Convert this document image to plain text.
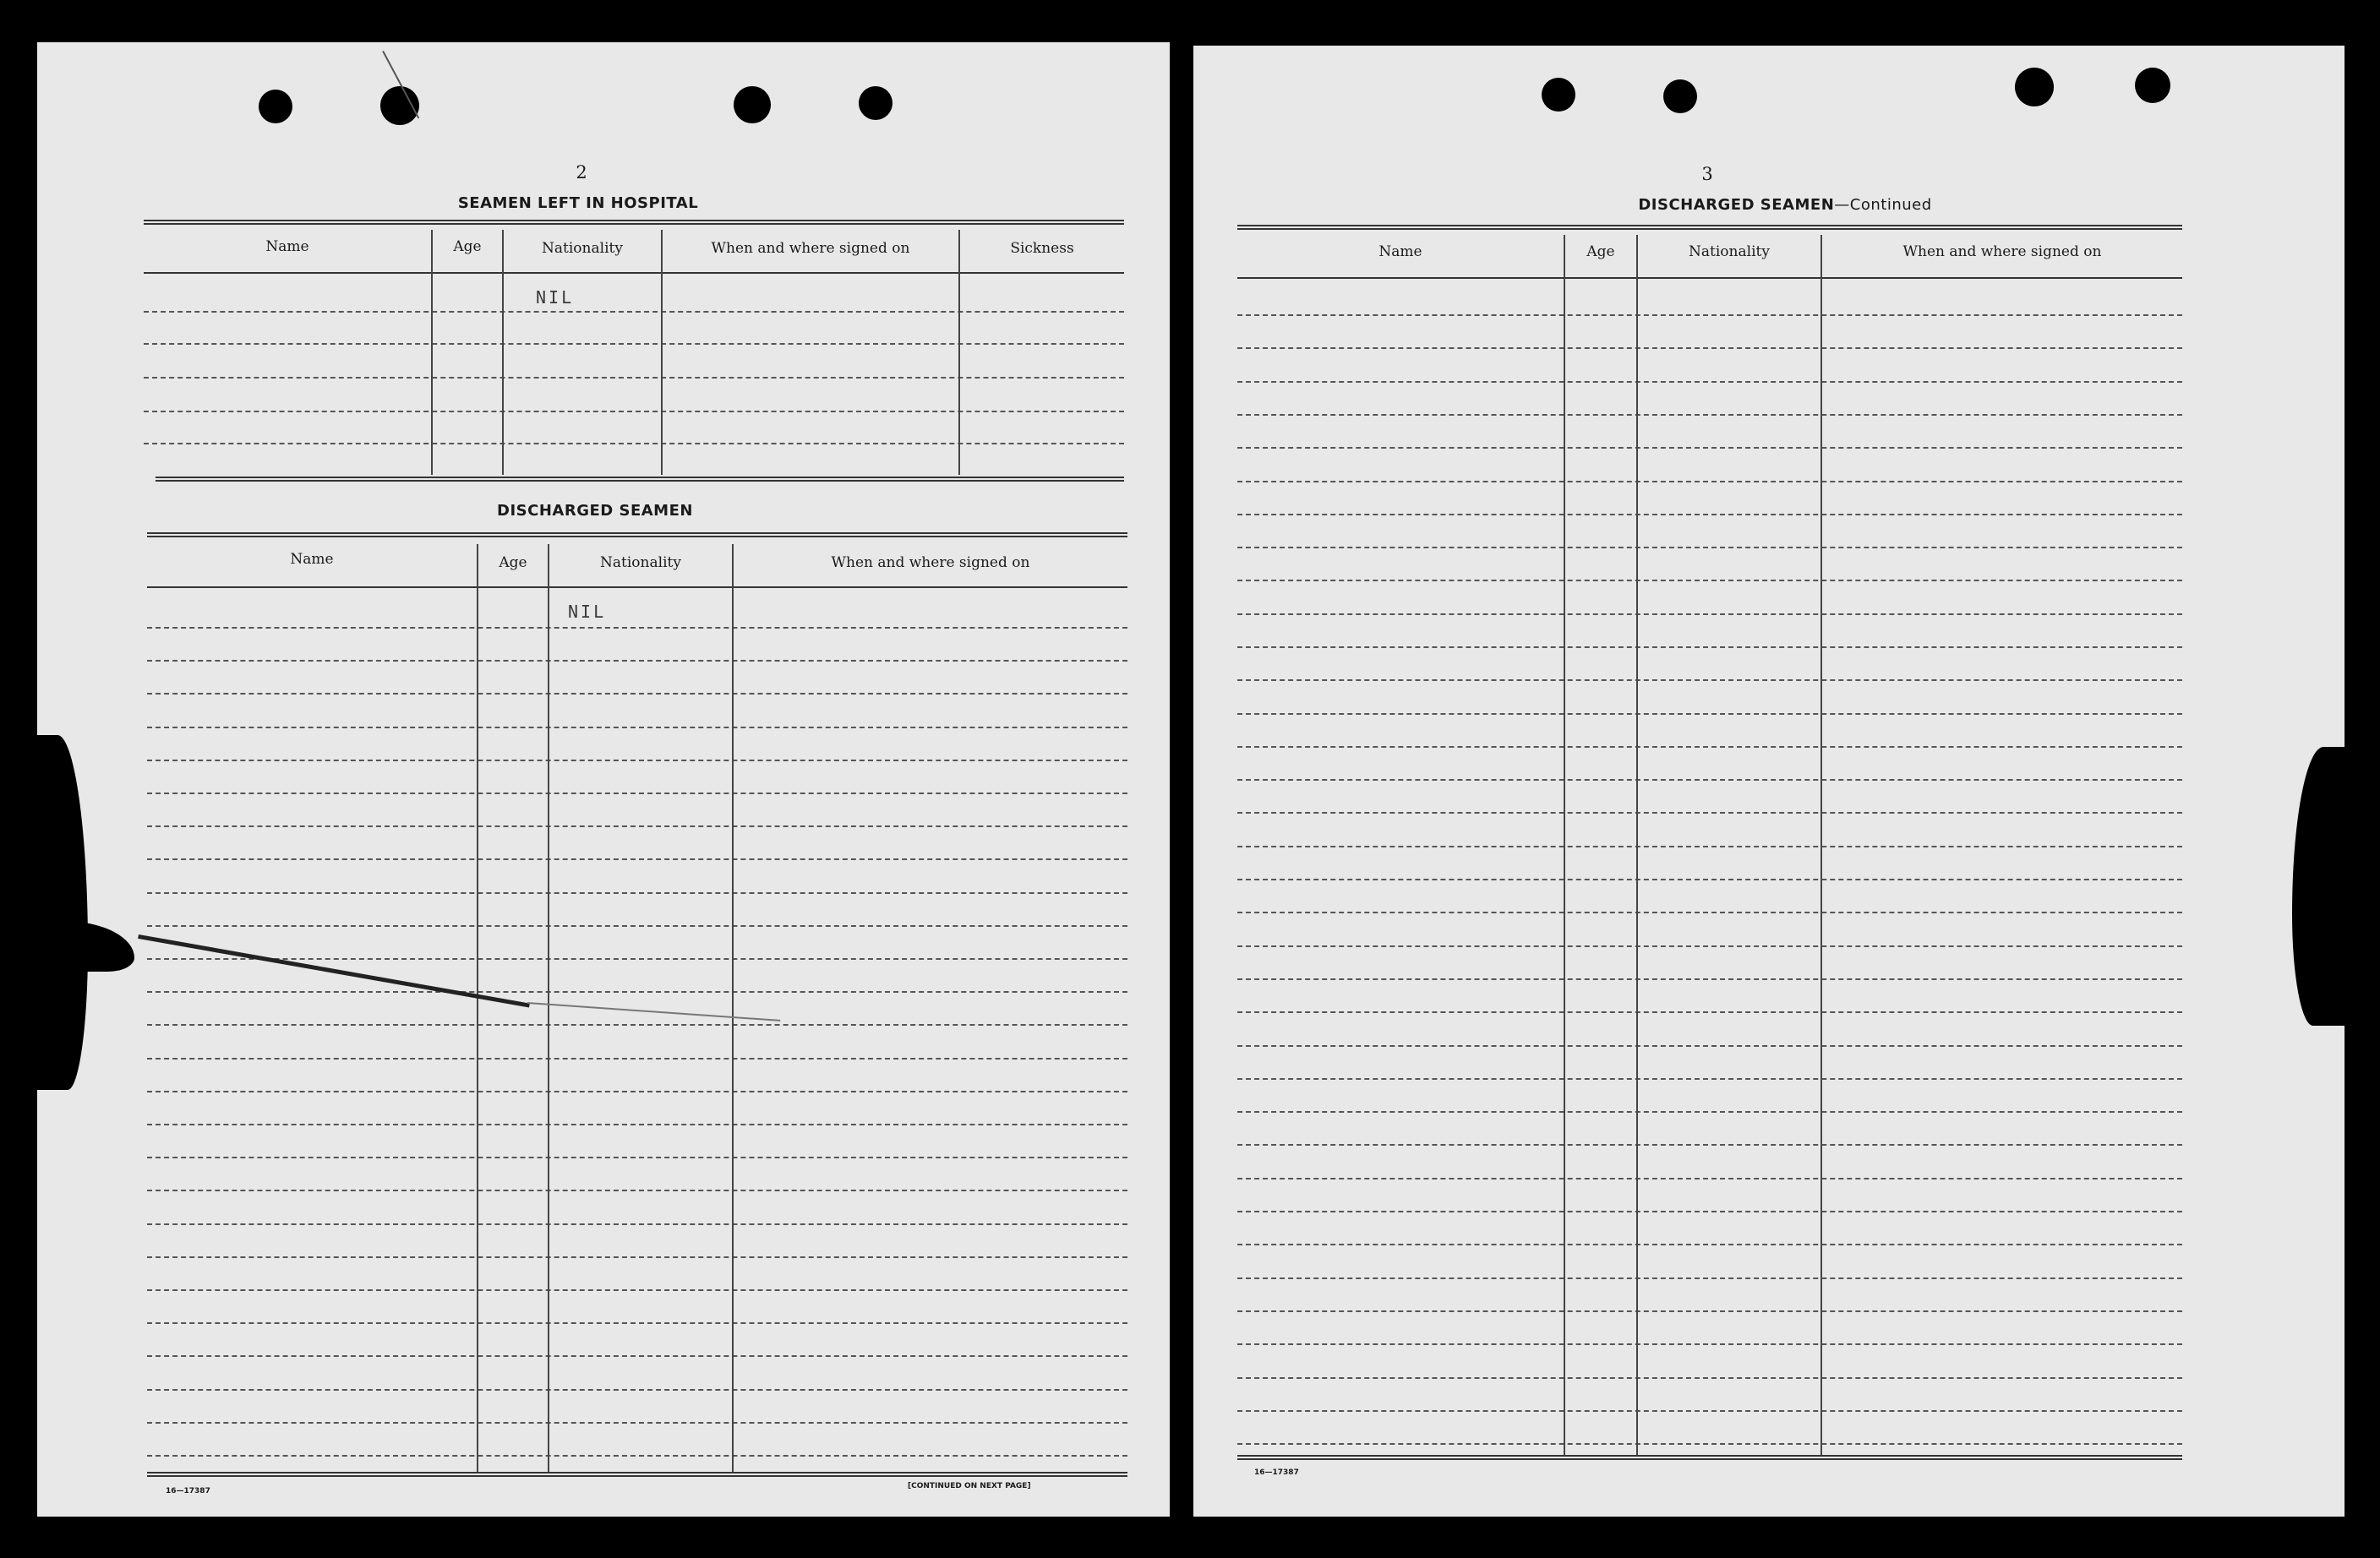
2
SEAMEN LEFT IN HOSPITAL
Name	Age	Nationality	When and where signed on	Sickness
NIL
DISCHARGED SEAMEN
Name	Age	Nationality	When and where signed on
NIL
16—17387
[CONTINUED ON NEXT PAGE]
3
DISCHARGED SEAMEN—Continued
Name	Age	Nationality	When and where signed on
16—17387
